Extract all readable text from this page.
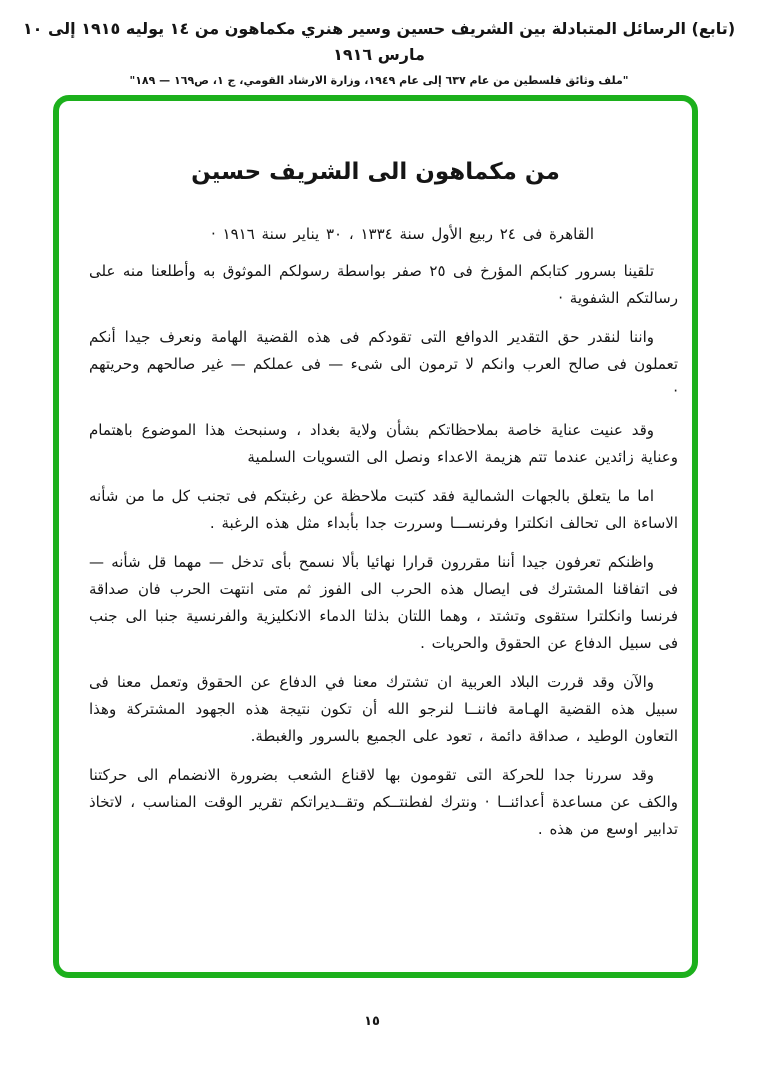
(تابع) الرسائل المتبادلة بين الشريف حسين وسير هنري مكماهون من ١٤ يوليه ١٩١٥ إلى ١٠ مارس ١٩١٦
"ملف وثائق فلسطين من عام ٦٣٧ إلى عام ١٩٤٩، وزارة الارشاد القومي، ج ١، ص١٦٩ — ١٨٩"
من مكماهون الى الشريف حسين

القاهرة فى ٢٤ ربيع الأول سنة ١٣٣٤ ، ٣٠ يناير سنة ١٩١٦ ·

تلقينا بسرور كتابكم المؤرخ فى ٢٥ صفر بواسطة رسولكم الموثوق به وأطلعنا منه على رسالتكم الشفوية ·

واننا لنقدر حق التقدير الدوافع التى تقودكم فى هذه القضية الهامة ونعرف جيدا أنكم تعملون فى صالح العرب وانكم لا ترمون الى شىء — فى عملكم — غير صالحهم وحريتهم ·

وقد عنيت عناية خاصة بملاحظاتكم بشأن ولاية بغداد ، وسنبحث هذا الموضوع باهتمام وعناية زائدين عندما تتم هزيمة الاعداء ونصل الى التسويات السلمية

اما ما يتعلق بالجهات الشمالية فقد كتبت ملاحظة عن رغبتكم فى تجنب كل ما من شأنه الاساءة الى تحالف انكلترا وفرنســـا وسررت جدا بأبداء مثل هذه الرغبة .

واظنكم تعرفون جيدا أننا مقررون قرارا نهائيا بألا نسمح بأى تدخل — مهما قل شأنه — فى اتفاقنا المشترك فى ايصال هذه الحرب الى الفوز ثم متى انتهت الحرب فان صداقة فرنسا وانكلترا ستقوى وتشتد ، وهما اللتان بذلتا الدماء الانكليزية والفرنسية جنبا الى جنب فى سبيل الدفاع عن الحقوق والحريات .

والآن وقد قررت البلاد العربية ان تشترك معنا في الدفاع عن الحقوق وتعمل معنا فى سبيل هذه القضية الهـامة فاننــا لنرجو الله أن تكون نتيجة هذه الجهود المشتركة وهذا التعاون الوطيد ، صداقة دائمة ، تعود على الجميع بالسرور والغبطة.

وقد سررنا جدا للحركة التى تقومون بها لاقناع الشعب بضرورة الانضمام الى حركتنا والكف عن مساعدة أعدائنــا · ونترك لفطنتــكم وتقــديراتكم تقرير الوقت المناسب ، لاتخاذ تدابير اوسع من هذه .

١٥
